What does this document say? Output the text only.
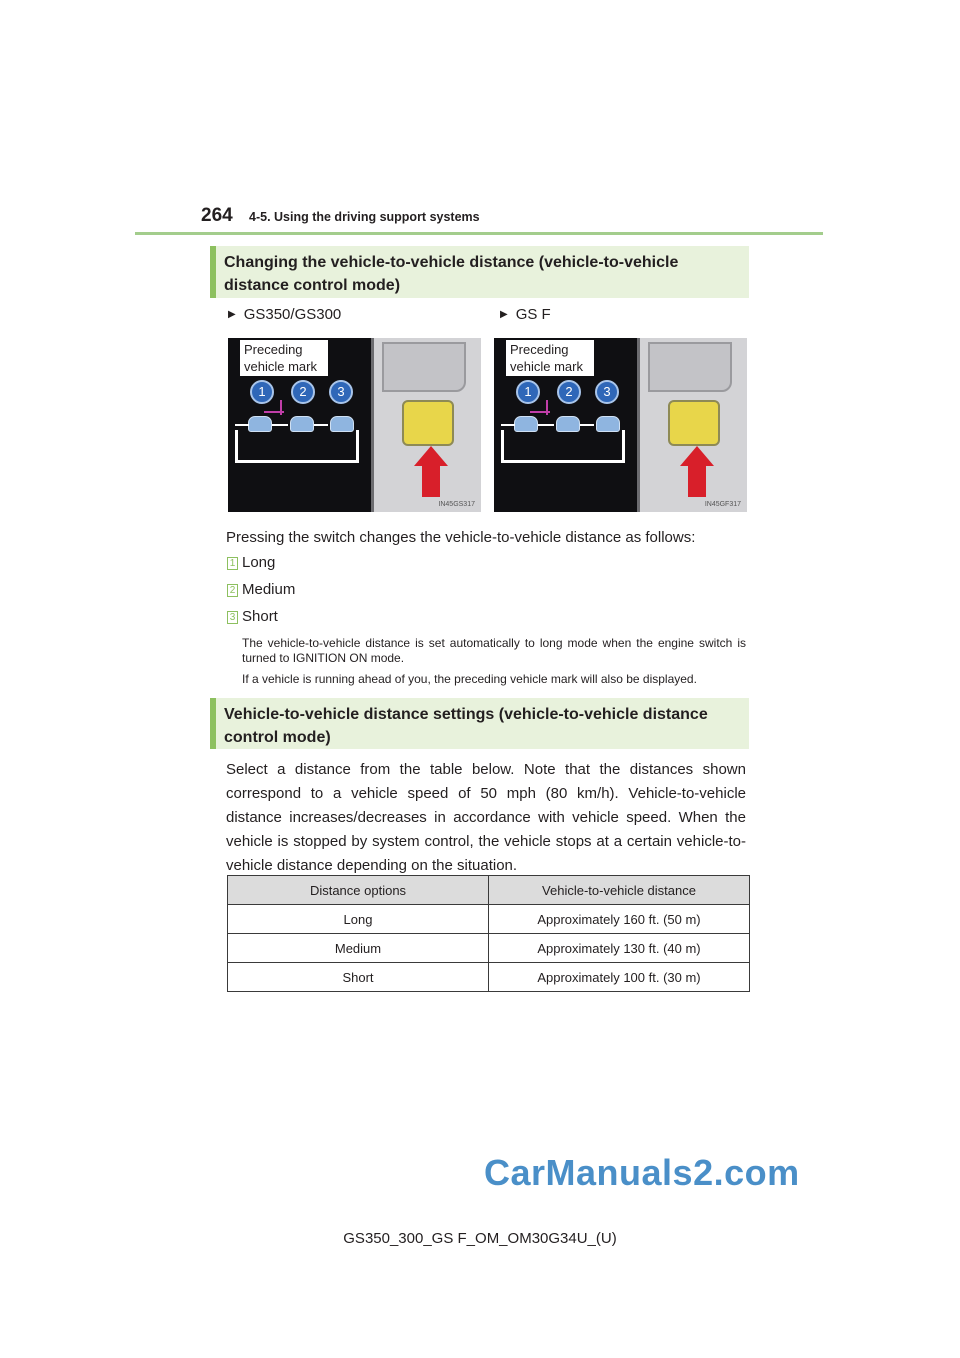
264 4-5. Using the driving support systems
Changing the vehicle-to-vehicle distance (vehicle-to-vehicle distance control mode)
▶ GS350/GS300	▶ GS F
Preceding vehicle mark
1	2	3
IN45GS317
Preceding vehicle mark
1	2	3
IN45GF317
Pressing the switch changes the vehicle-to-vehicle distance as follows:
1 Long
2 Medium
3 Short
The vehicle-to-vehicle distance is set automatically to long mode when the engine switch is turned to IGNITION ON mode.
If a vehicle is running ahead of you, the preceding vehicle mark will also be displayed.
Vehicle-to-vehicle distance settings (vehicle-to-vehicle distance control mode)
Select a distance from the table below. Note that the distances shown correspond to a vehicle speed of 50 mph (80 km/h). Vehicle-to-vehicle distance increases/decreases in accordance with vehicle speed. When the vehicle is stopped by system control, the vehicle stops at a certain vehicle-to-vehicle distance depending on the situation.
Distance options	Vehicle-to-vehicle distance
Long	Approximately 160 ft. (50 m)
Medium	Approximately 130 ft. (40 m)
Short	Approximately 100 ft. (30 m)
CarManuals2.com
GS350_300_GS F_OM_OM30G34U_(U)
